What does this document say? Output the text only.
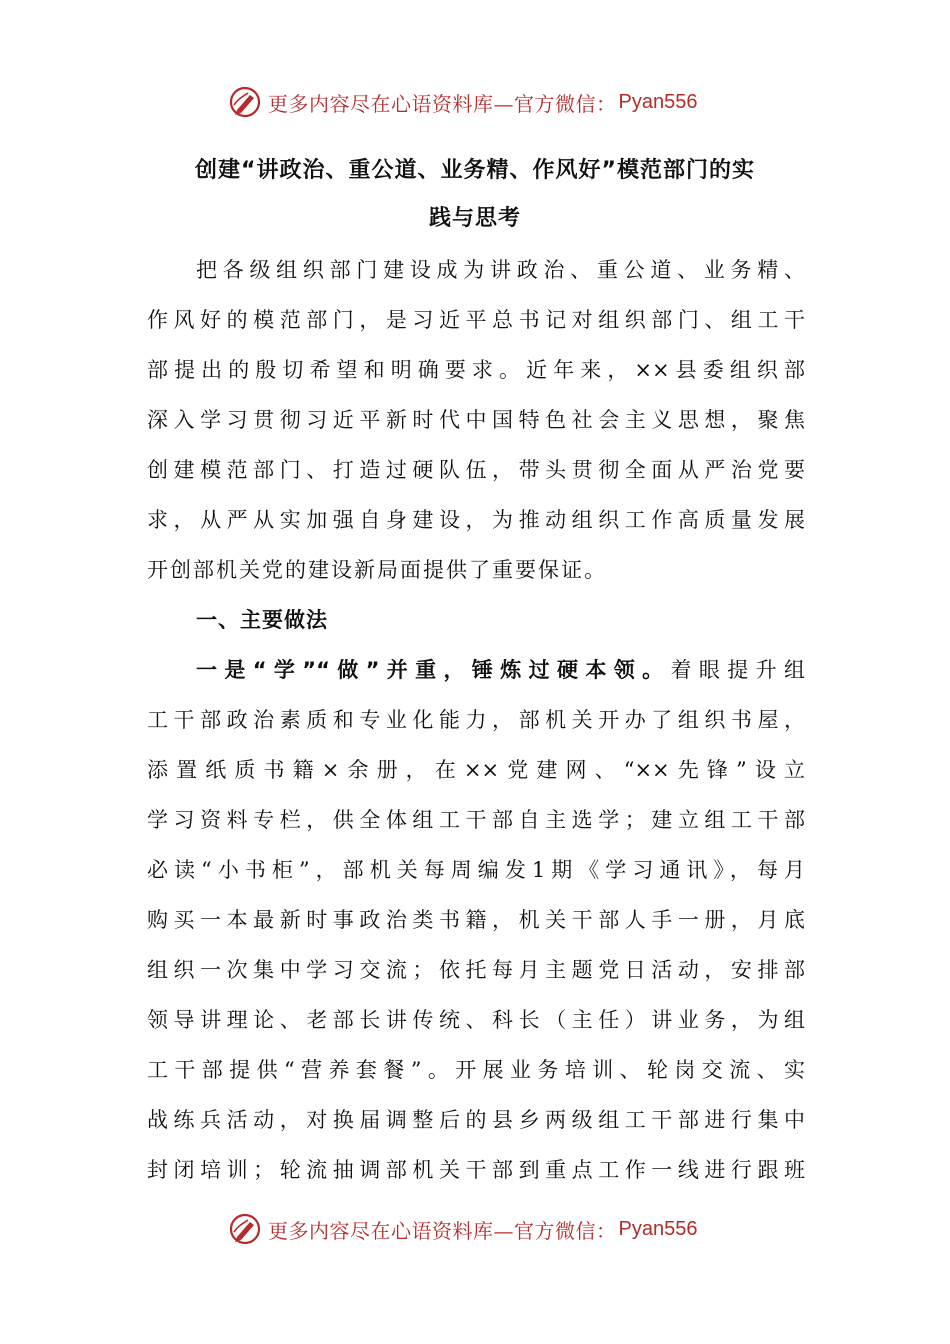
更多内容尽在心语资料库—官方微信： Pyan556
创建“讲政治、重公道、业务精、作风好”模范部门的实
践与思考
把各级组织部门建设成为讲政治、重公道、业务精、
作风好的模范部门，是习近平总书记对组织部门、组工干
部提出的殷切希望和明确要求。近年来，××县委组织部
深入学习贯彻习近平新时代中国特色社会主义思想，聚焦
创建模范部门、打造过硬队伍，带头贯彻全面从严治党要
求，从严从实加强自身建设，为推动组织工作高质量发展
开创部机关党的建设新局面提供了重要保证。
一、主要做法
一是“学”“做”并重，锤炼过硬本领。着眼提升组
工干部政治素质和专业化能力，部机关开办了组织书屋，
添置纸质书籍×余册，在××党建网、“××先锋”设立
学习资料专栏，供全体组工干部自主选学；建立组工干部
必读“小书柜”，部机关每周编发1期《学习通讯》，每月
购买一本最新时事政治类书籍，机关干部人手一册，月底
组织一次集中学习交流；依托每月主题党日活动，安排部
领导讲理论、老部长讲传统、科长（主任）讲业务，为组
工干部提供“营养套餐”。开展业务培训、轮岗交流、实
战练兵活动，对换届调整后的县乡两级组工干部进行集中
封闭培训；轮流抽调部机关干部到重点工作一线进行跟班
更多内容尽在心语资料库—官方微信： Pyan556
